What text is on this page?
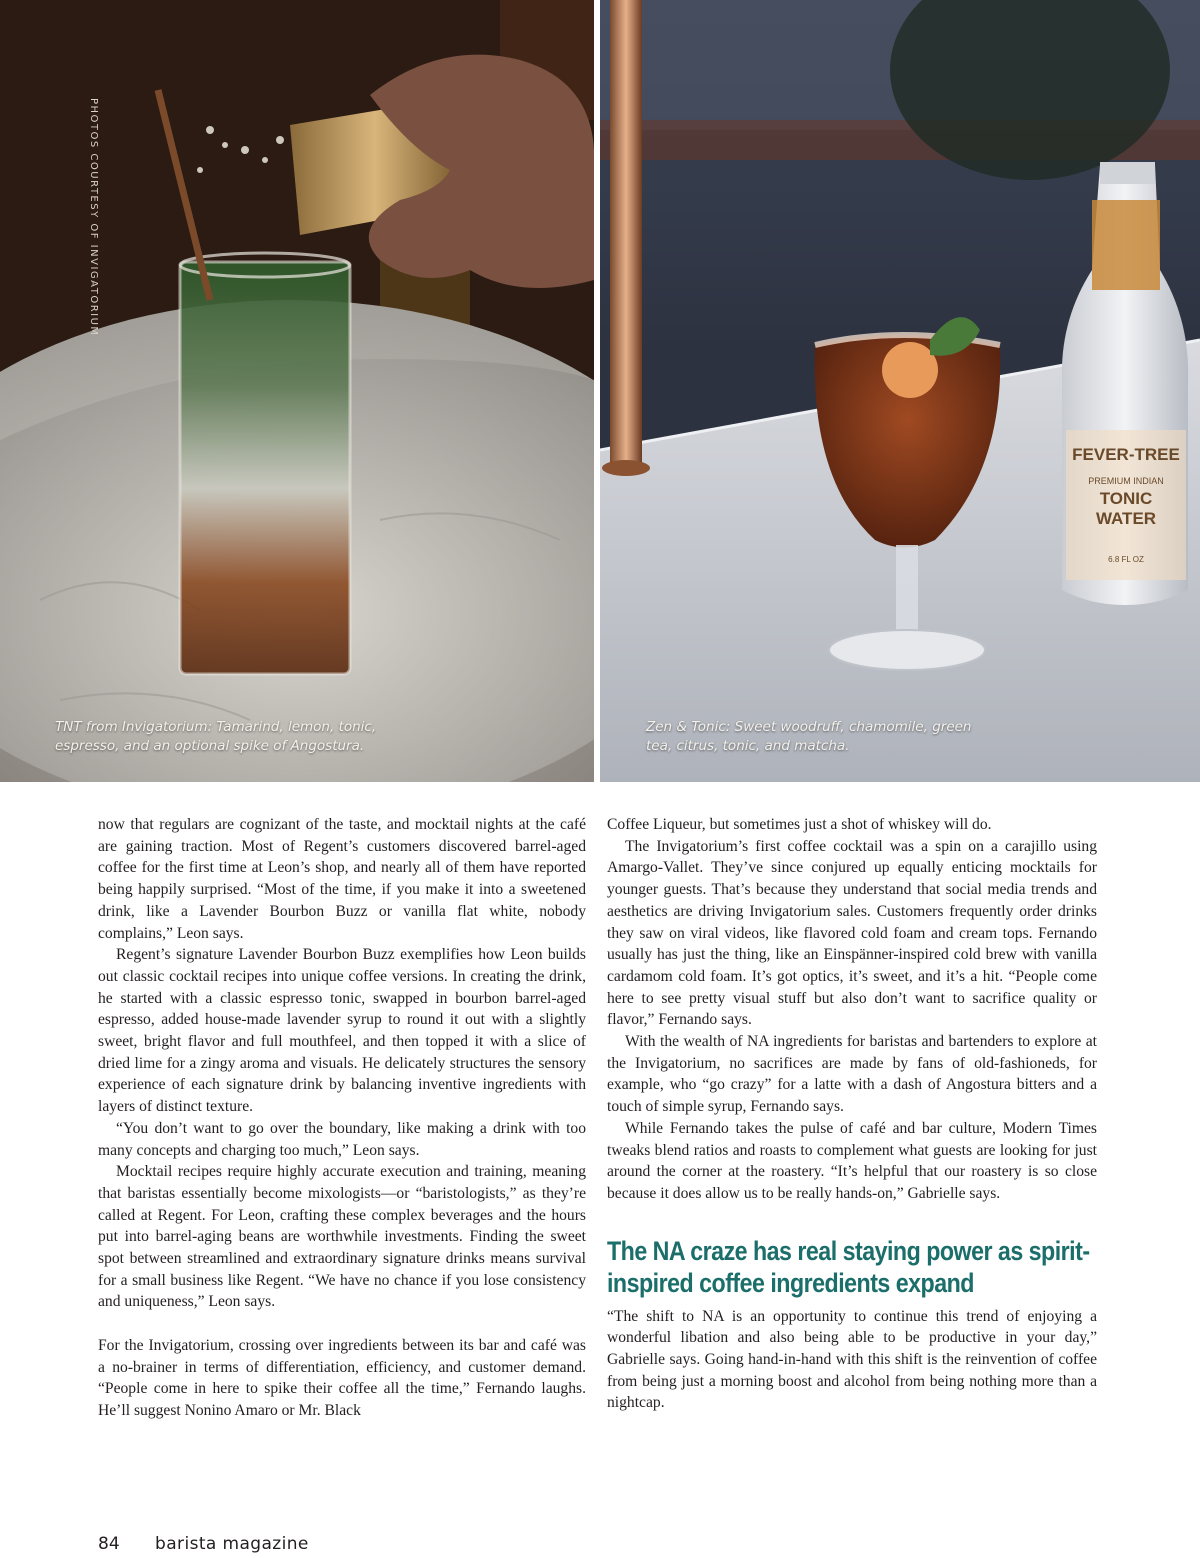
PHOTOS COURTESY OF INVIGATORIUM

TNT from Invigatorium: Tamarind, lemon, tonic, espresso, and an optional spike of Angostura.

FEVER-TREE
PREMIUM INDIAN
TONIC
WATER
6.8 FL OZ

Zen & Tonic: Sweet woodruff, chamomile, green tea, citrus, tonic, and matcha.

now that regulars are cognizant of the taste, and mocktail nights at the café are gaining traction. Most of Regent’s customers discovered barrel-aged coffee for the first time at Leon’s shop, and nearly all of them have reported being happily surprised. “Most of the time, if you make it into a sweetened drink, like a Lavender Bourbon Buzz or vanilla flat white, nobody complains,” Leon says.

Regent’s signature Lavender Bourbon Buzz exemplifies how Leon builds out classic cocktail recipes into unique coffee versions. In creating the drink, he started with a classic espresso tonic, swapped in bourbon barrel-aged espresso, added house-made lavender syrup to round it out with a slightly sweet, bright flavor and full mouthfeel, and then topped it with a slice of dried lime for a zingy aroma and visuals. He delicately structures the sensory experience of each signature drink by balancing inventive ingredients with layers of distinct texture.

“You don’t want to go over the boundary, like making a drink with too many concepts and charging too much,” Leon says.

Mocktail recipes require highly accurate execution and training, meaning that baristas essentially become mixologists—or “baristologists,” as they’re called at Regent. For Leon, crafting these complex beverages and the hours put into barrel-aging beans are worthwhile investments. Finding the sweet spot between streamlined and extraordinary signature drinks means survival for a small business like Regent. “We have no chance if you lose consistency and uniqueness,” Leon says.

For the Invigatorium, crossing over ingredients between its bar and café was a no-brainer in terms of differentiation, efficiency, and customer demand. “People come in here to spike their coffee all the time,” Fernando laughs. He’ll suggest Nonino Amaro or Mr. Black

Coffee Liqueur, but sometimes just a shot of whiskey will do.

The Invigatorium’s first coffee cocktail was a spin on a carajillo using Amargo-Vallet. They’ve since conjured up equally enticing mocktails for younger guests. That’s because they understand that social media trends and aesthetics are driving Invigatorium sales. Customers frequently order drinks they saw on viral videos, like flavored cold foam and cream tops. Fernando usually has just the thing, like an Einspänner-inspired cold brew with vanilla cardamom cold foam. It’s got optics, it’s sweet, and it’s a hit. “People come here to see pretty visual stuff but also don’t want to sacrifice quality or flavor,” Fernando says.

With the wealth of NA ingredients for baristas and bartenders to explore at the Invigatorium, no sacrifices are made by fans of old-fashioneds, for example, who “go crazy” for a latte with a dash of Angostura bitters and a touch of simple syrup, Fernando says.

While Fernando takes the pulse of café and bar culture, Modern Times tweaks blend ratios and roasts to complement what guests are looking for just around the corner at the roastery. “It’s helpful that our roastery is so close because it does allow us to be really hands-on,” Gabrielle says.

The NA craze has real staying power as spirit-inspired coffee ingredients expand

“The shift to NA is an opportunity to continue this trend of enjoying a wonderful libation and also being able to be productive in your day,” Gabrielle says. Going hand-in-hand with this shift is the reinvention of coffee from being just a morning boost and alcohol from being nothing more than a nightcap.

84 barista magazine
